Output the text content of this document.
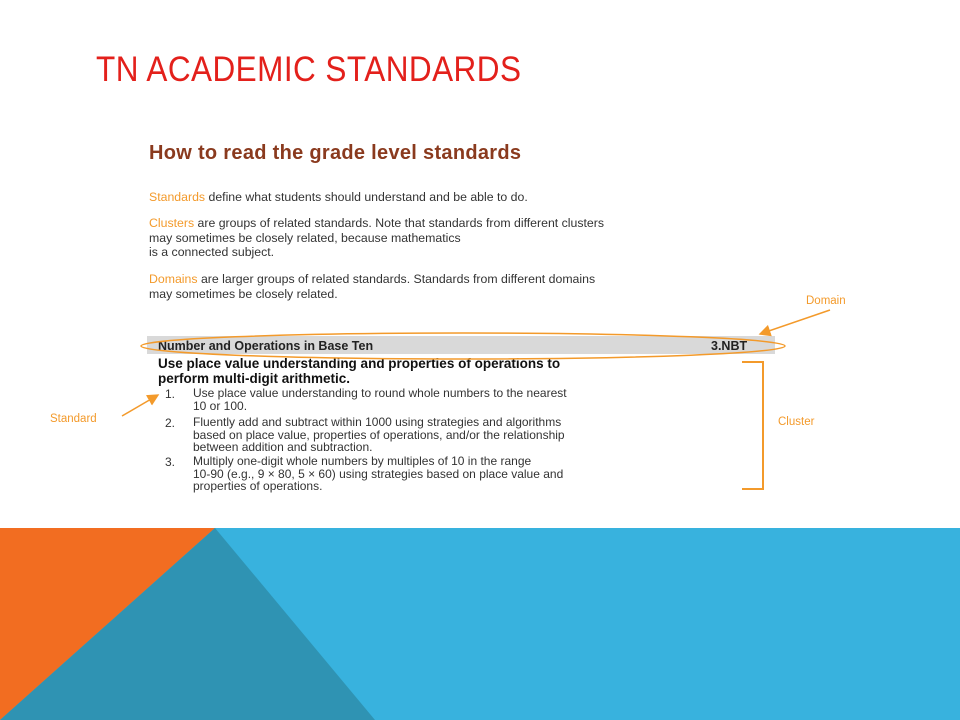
TN ACADEMIC STANDARDS
How to read the grade level standards
Standards define what students should understand and be able to do.
Clusters are groups of related standards. Note that standards from different clusters
may sometimes be closely related, because mathematics
is a connected subject.
Domains are larger groups of related standards. Standards from different domains
may sometimes be closely related.
Number and Operations in Base Ten	3.NBT
Use place value understanding and properties of operations to
perform multi-digit arithmetic.
1. Use place value understanding to round whole numbers to the nearest
10 or 100.
2. Fluently add and subtract within 1000 using strategies and algorithms
based on place value, properties of operations, and/or the relationship
between addition and subtraction.
3. Multiply one-digit whole numbers by multiples of 10 in the range
10-90 (e.g., 9 × 80, 5 × 60) using strategies based on place value and
properties of operations.
Domain
Standard	Cluster
